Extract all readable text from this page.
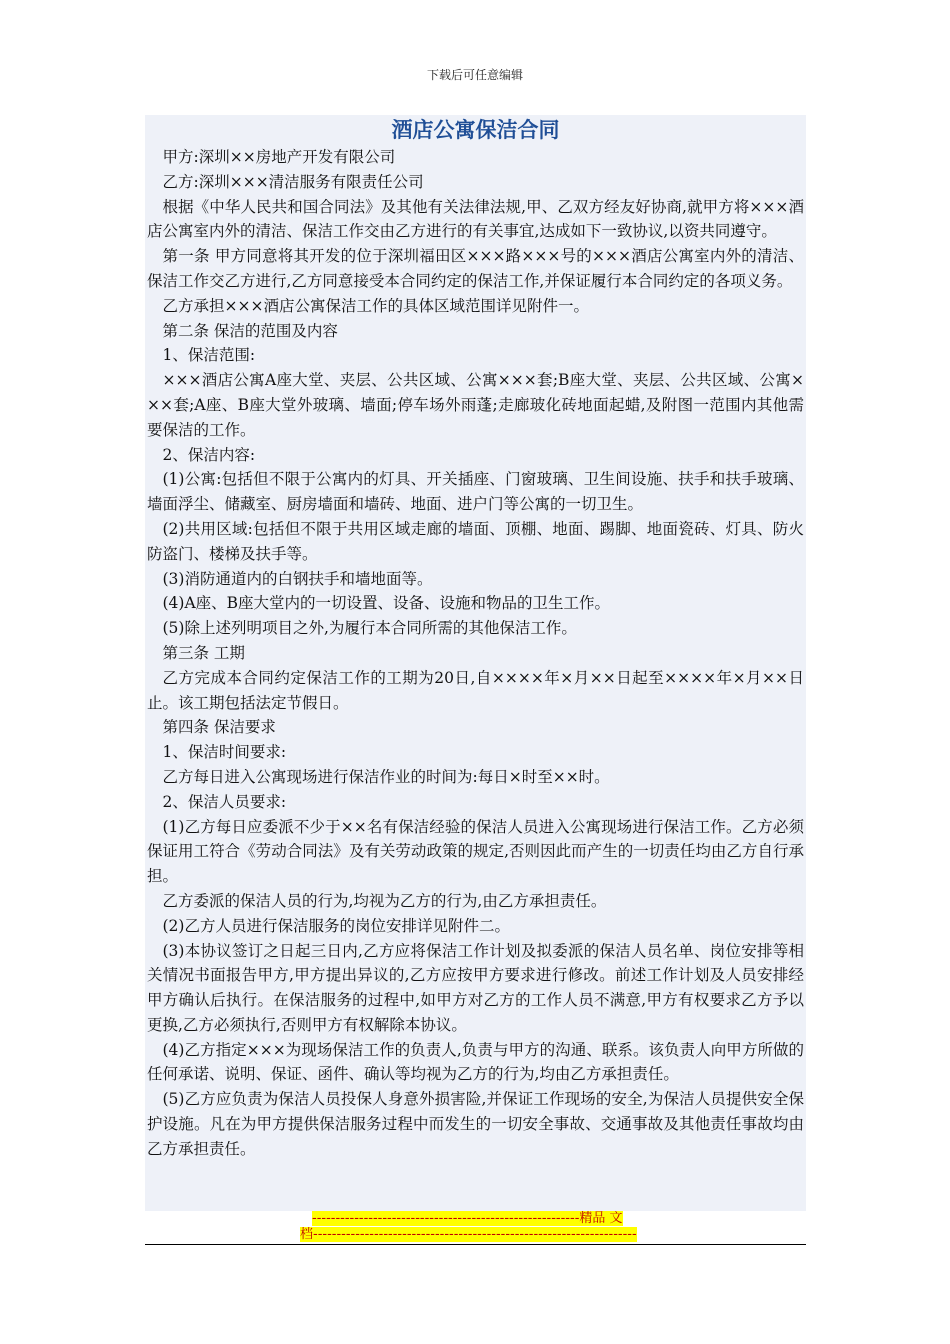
下载后可任意编辑
酒店公寓保洁合同

甲方:深圳××房地产开发有限公司

乙方:深圳×××清洁服务有限责任公司

根据《中华人民共和国合同法》及其他有关法律法规,甲、乙双方经友好协商,就甲方将×××酒店公寓室内外的清洁、保洁工作交由乙方进行的有关事宜,达成如下一致协议,以资共同遵守。

第一条 甲方同意将其开发的位于深圳福田区×××路×××号的×××酒店公寓室内外的清洁、保洁工作交乙方进行,乙方同意接受本合同约定的保洁工作,并保证履行本合同约定的各项义务。

乙方承担×××酒店公寓保洁工作的具体区域范围详见附件一。

第二条 保洁的范围及内容

1、保洁范围:

×××酒店公寓A座大堂、夹层、公共区域、公寓×××套;B座大堂、夹层、公共区域、公寓×××套;A座、B座大堂外玻璃、墙面;停车场外雨蓬;走廊玻化砖地面起蜡,及附图一范围内其他需要保洁的工作。

2、保洁内容:

(1)公寓:包括但不限于公寓内的灯具、开关插座、门窗玻璃、卫生间设施、扶手和扶手玻璃、墙面浮尘、储藏室、厨房墙面和墙砖、地面、进户门等公寓的一切卫生。

(2)共用区域:包括但不限于共用区域走廊的墙面、顶棚、地面、踢脚、地面瓷砖、灯具、防火防盗门、楼梯及扶手等。

(3)消防通道内的白钢扶手和墙地面等。

(4)A座、B座大堂内的一切设置、设备、设施和物品的卫生工作。

(5)除上述列明项目之外,为履行本合同所需的其他保洁工作。

第三条 工期

乙方完成本合同约定保洁工作的工期为20日,自××××年×月××日起至××××年×月××日止。该工期包括法定节假日。

第四条 保洁要求

1、保洁时间要求:

乙方每日进入公寓现场进行保洁作业的时间为:每日×时至××时。

2、保洁人员要求:

(1)乙方每日应委派不少于××名有保洁经验的保洁人员进入公寓现场进行保洁工作。乙方必须保证用工符合《劳动合同法》及有关劳动政策的规定,否则因此而产生的一切责任均由乙方自行承担。

乙方委派的保洁人员的行为,均视为乙方的行为,由乙方承担责任。

(2)乙方人员进行保洁服务的岗位安排详见附件二。

(3)本协议签订之日起三日内,乙方应将保洁工作计划及拟委派的保洁人员名单、岗位安排等相关情况书面报告甲方,甲方提出异议的,乙方应按甲方要求进行修改。前述工作计划及人员安排经甲方确认后执行。在保洁服务的过程中,如甲方对乙方的工作人员不满意,甲方有权要求乙方予以更换,乙方必须执行,否则甲方有权解除本协议。

(4)乙方指定×××为现场保洁工作的负责人,负责与甲方的沟通、联系。该负责人向甲方所做的任何承诺、说明、保证、函件、确认等均视为乙方的行为,均由乙方承担责任。

(5)乙方应负责为保洁人员投保人身意外损害险,并保证工作现场的安全,为保洁人员提供安全保护设施。凡在为甲方提供保洁服务过程中而发生的一切安全事故、交通事故及其他责任事故均由乙方承担责任。

---------------------------------------------------------精品 文
档---------------------------------------------------------------------
